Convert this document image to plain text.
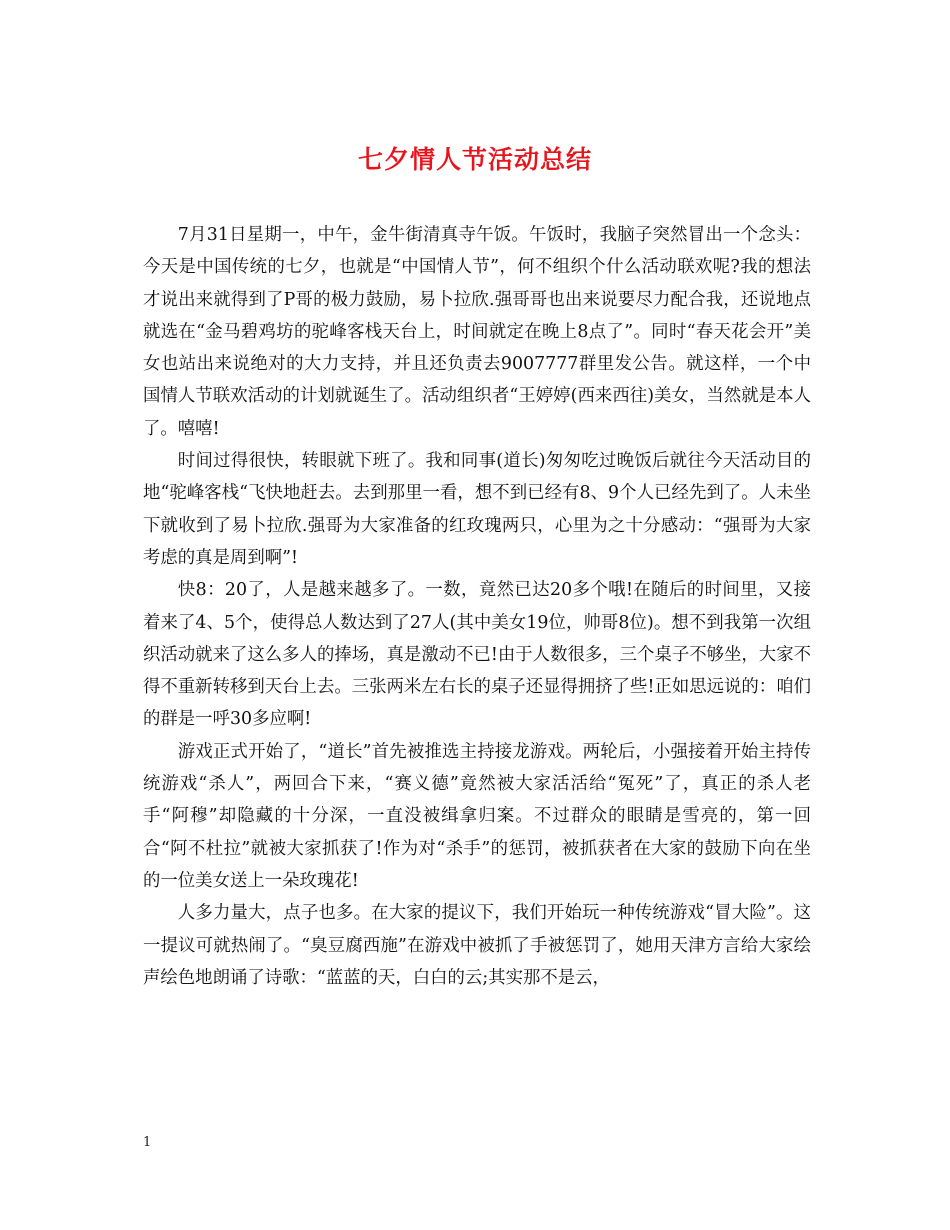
七夕情人节活动总结

7月31日星期一，中午，金牛街清真寺午饭。午饭时，我脑子突然冒出一个念头：今天是中国传统的七夕，也就是“中国情人节”，何不组织个什么活动联欢呢?我的想法才说出来就得到了P哥的极力鼓励，易卜拉欣.强哥哥也出来说要尽力配合我，还说地点就选在“金马碧鸡坊的驼峰客栈天台上，时间就定在晚上8点了”。同时“春天花会开”美女也站出来说绝对的大力支持，并且还负责去9007777群里发公告。就这样，一个中国情人节联欢活动的计划就诞生了。活动组织者“王婷婷(西来西往)美女，当然就是本人了。嘻嘻!

时间过得很快，转眼就下班了。我和同事(道长)匆匆吃过晚饭后就往今天活动目的地“驼峰客栈“飞快地赶去。去到那里一看，想不到已经有8、9个人已经先到了。人未坐下就收到了易卜拉欣.强哥为大家准备的红玫瑰两只，心里为之十分感动：“强哥为大家考虑的真是周到啊”!

快8：20了，人是越来越多了。一数，竟然已达20多个哦!在随后的时间里，又接着来了4、5个，使得总人数达到了27人(其中美女19位，帅哥8位)。想不到我第一次组织活动就来了这么多人的捧场，真是激动不已!由于人数很多，三个桌子不够坐，大家不得不重新转移到天台上去。三张两米左右长的桌子还显得拥挤了些!正如思远说的：咱们的群是一呼30多应啊!

游戏正式开始了，“道长”首先被推选主持接龙游戏。两轮后，小强接着开始主持传统游戏“杀人”，两回合下来，“赛义德”竟然被大家活活给“冤死”了，真正的杀人老手“阿穆”却隐藏的十分深，一直没被缉拿归案。不过群众的眼睛是雪亮的，第一回合“阿不杜拉”就被大家抓获了!作为对“杀手”的惩罚，被抓获者在大家的鼓励下向在坐的一位美女送上一朵玫瑰花!

人多力量大，点子也多。在大家的提议下，我们开始玩一种传统游戏“冒大险”。这一提议可就热闹了。“臭豆腐西施”在游戏中被抓了手被惩罚了，她用天津方言给大家绘声绘色地朗诵了诗歌：“蓝蓝的天，白白的云;其实那不是云，

1
